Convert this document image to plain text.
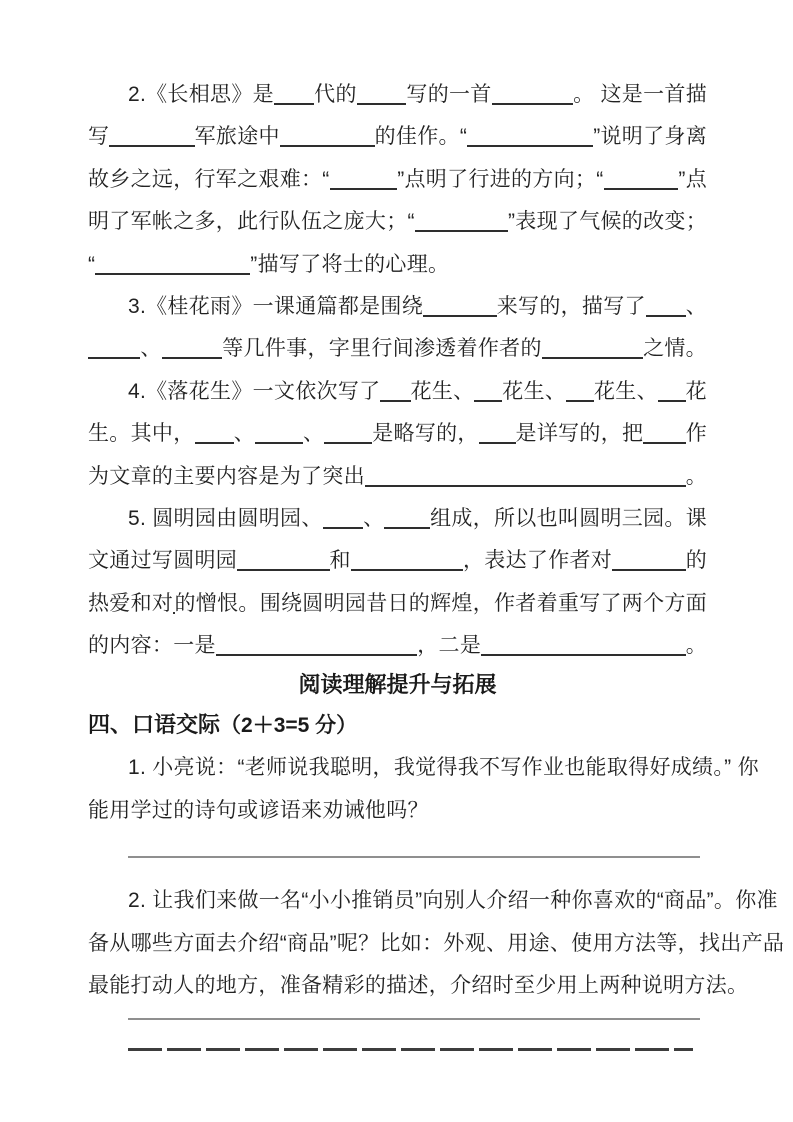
2.《长相思》是 代的 写的一首	。 这是一首描
写	军旅途中	的佳作。“	”说明了身离
故乡之远，行军之艰难：“	”点明了行进的方向；“	”点
明了军帐之多，此行队伍之庞大；“	”表现了气候的改变；
“	”描写了将士的心理。
3.《桂花雨》一课通篇都是围绕	来写的，描写了 、
、	等几件事，字里行间渗透着作者的	之情。
4.《落花生》一文依次写了 花生、 花生、 花生、 花
生。其中， 、 、 是略写的， 是详写的，把 作
为文章的主要内容是为了突出	。
5. 圆明园由圆明园、 、 组成，所以也叫圆明三园。课
文通过写圆明园	和	，表达了作者对	的
热爱和对 的憎恨。围绕圆明园昔日的辉煌，作者着重写了两个方面
的内容：一是	，二是	。
阅读理解提升与拓展
四、口语交际（2＋3=5 分）
1. 小亮说：“老师说我聪明，我觉得我不写作业也能取得好成绩。” 你
能用学过的诗句或谚语来劝诫他吗？
2. 让我们来做一名“小小推销员”向别人介绍一种你喜欢的“商品”。你准
备从哪些方面去介绍“商品”呢？比如：外观、用途、使用方法等，找出产品
最能打动人的地方，准备精彩的描述，介绍时至少用上两种说明方法。
